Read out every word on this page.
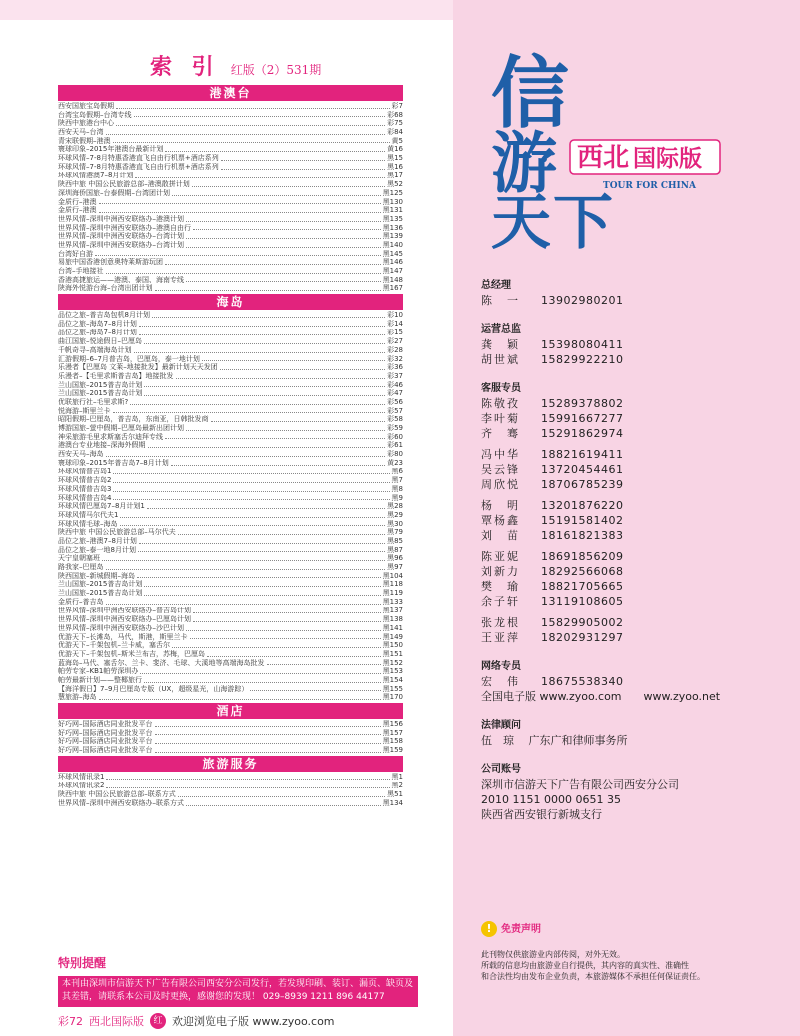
索 引 红版（2）531期
港澳台
西安国旅宝岛假期	彩7
台湾宝岛假期–台湾专线	彩68
陕西中旅港台中心	彩75
西安天马–台湾	彩84
青宋联假期–港澳	黄5
寰球印象–2015年港澳台最新计划	黄16
环球风情–7-8月特惠香港直飞自由行机票+酒店系列	黑15
环球风情–7-8月特惠香港直飞自由行机票+酒店系列	黑16
环球风情港澳7–8月计划	黑17
陕西中旅 中国公民旅游总部–港澳散拼计划	黑52
深圳海侨国旅–台泰假期–台湾团计划	黑125
金质行–港澳	黑130
金质行–港澳	黑131
世界风情–深圳中洲西安联络办–港澳计划	黑135
世界风情–深圳中洲西安联络办–港澳自由行	黑136
世界风情–深圳中洲西安联络办–台湾计划	黑139
世界风情–深圳中洲西安联络办–台湾计划	黑140
台湾好自游	黑145
易旅中国香港创意奥特莱斯游玩团	黑146
台湾–手地接社	黑147
香港高捷旅运——港澳、泰国、海南专线	黑148
陕海外悦游台海–台湾出团计划	黑167
海岛
品位之旅–普吉岛包机8月计划	彩10
品位之旅–海岛7–8月计划	彩14
品位之旅–海岛7–8月计划	彩15
曲江国旅–悦途假日–巴厘岛	彩27
千帆奇寻–高端海岛计划	彩28
汇游假期–6–7月普吉岛，巴厘岛，泰一地计划	彩32
乐漫者【巴厘岛 文莱–地接批发】最新计划天天发团	彩36
乐漫者–【毛里求斯普吉岛】地接批发	彩37
兰山国旅–2015普吉岛计划	彩46
兰山国旅–2015普吉岛计划	彩47
优联旅行社–毛里求斯?	彩56
悦海游–斯里兰卡	彩57
昭阳假期–巴厘岛，普吉岛，东南亚，日韩批发商	彩58
博游国旅–萤中假期–巴厘岛最新出团计划	彩59
神采旅游毛里求斯塞舌尔迪拜专线	彩60
港澳台专业地接–深海外假期	彩61
西安天马–海岛	彩80
寰球印象–2015年普吉岛7–8月计划	黄23
环球风情普吉岛1	黑6
环球风情普吉岛2	黑7
环球风情普吉岛3	黑8
环球风情普吉岛4	黑9
环球风情巴厘岛7–8月计划1	黑28
环球风情马尔代夫1	黑29
环球风情毛球–海岛	黑30
陕西中旅 中国公民旅游总部–马尔代夫	黑79
品位之旅–港澳7–8月计划	黑85
品位之旅–泰一地8月计划	黑87
天宁皇朝塞班	黑96
路我家–巴厘岛	黑97
陕西国旅–新城假期–海岛	黑104
兰山国旅–2015普吉岛计划	黑118
兰山国旅–2015普吉岛计划	黑119
金质行–普吉岛	黑133
世界风情–深圳中洲西安联络办–普吉岛计划	黑137
世界风情–深圳中洲西安联络办–巴厘岛计划	黑138
世界风情–深圳中洲西安联络办–沙巴计划	黑141
优游天下–长滩岛，马代，斯港，斯里兰卡	黑149
优游天下–千架包机–兰卡威，塞舌尔	黑150
优游天下–千架包机–斯米兰布吉，苏梅，巴厘岛	黑151
蓝海岛–马代、塞舌尔、兰卡、斐济、毛球、大溪地等高端海岛批发	黑152
帕劳专家–KB1帕劳深圳办	黑153
帕劳最新计划——整椰旅行	黑154
【海洋假日】7–9月巴厘岛专版（UX，超级星光，山海游踪）	黑155
慧旅游–海岛	黑170
酒店
好巧网–国际酒店同业批发平台	黑156
好巧网–国际酒店同业批发平台	黑157
好巧网–国际酒店同业批发平台	黑158
好巧网–国际酒店同业批发平台	黑159
旅游服务
环球风情讯录1	黑1
环球风情讯录2	黑2
陕西中旅 中国公民旅游总部–联系方式	黑51
世界风情–深圳中洲西安联络办–联系方式	黑134
特别提醒
本刊由深圳市信游天下广告有限公司西安分公司发行，若发现印刷、装订、漏页、缺页及其差错，请联系本公司及时更换，感谢您的发现！ 029–8939 1211 896 44177
彩72 西北国际版	红 欢迎浏览电子版 www.zyoo.com
信
游 西北 国际版
TOUR FOR CHINA
天 下
总经理
陈　一	13902980201
运营总监
龚　颖	15398080411
胡世斌	15829922210
客服专员
陈敬孜	15289378802
李叶菊	15991667277
齐　骞	15291862974
冯中华	18821619411
吴云锋	13720454461
周欣悦	18706785239
杨　明	13201876220
覃杨鑫	15191581402
刘　苗	18161821383
陈亚妮	18691856209
刘新力	18292566068
樊　瑜	18821705665
余子轩	13119108605
张龙根	15829905002
王亚萍	18202931297
网络专员
宏　伟	18675538340
全国电子版 www.zyoo.com　　www.zyoo.net
法律顾问
伍　琼　 广东广和律师事务所
公司账号
深圳市信游天下广告有限公司西安分公司
2010 1151 0000 0651 35
陕西省西安银行新城支行
! 免责声明
此刊物仅供旅游业内部传阅，对外无效。
所载的信息均由旅游业自行提供，其内容的真实性、准确性
和合法性均由发布企业负责，本旅游媒体不承担任何保证责任。
